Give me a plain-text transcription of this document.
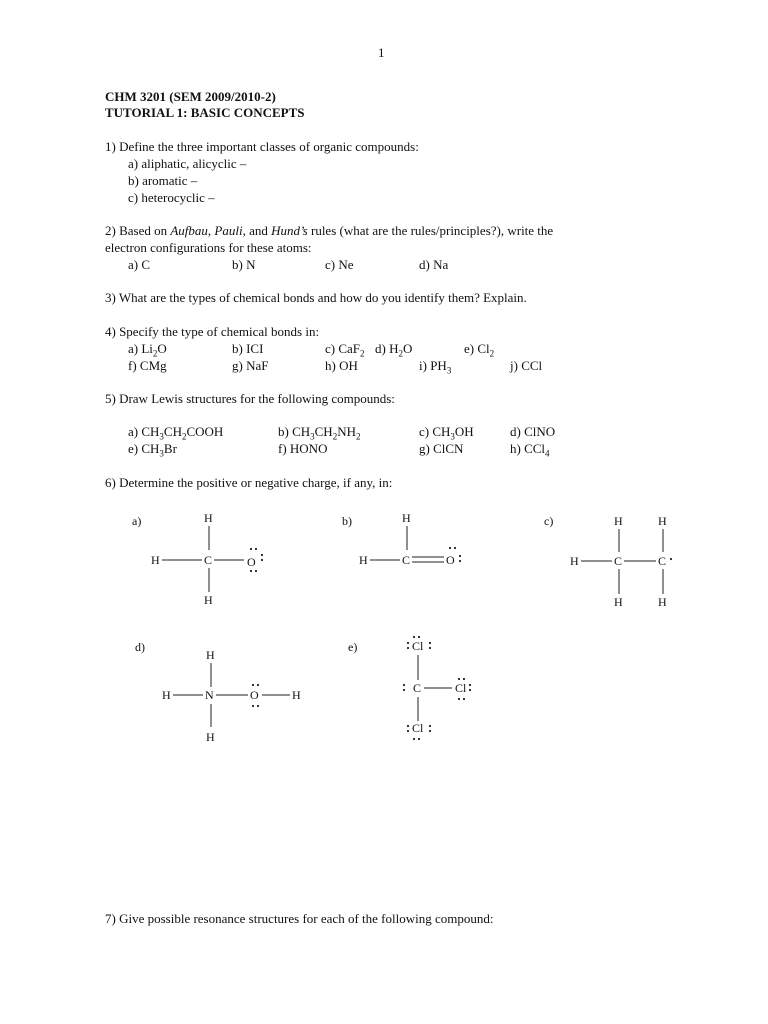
1
CHM 3201 (SEM 2009/2010-2)
TUTORIAL 1: BASIC CONCEPTS
1) Define the three important classes of organic compounds:
a) aliphatic, alicyclic –
b) aromatic –
c) heterocyclic –
2) Based on Aufbau, Pauli, and Hund’s rules (what are the rules/principles?), write the
electron configurations for these atoms:
a) C	b) N	c) Ne	d) Na
3) What are the types of chemical bonds and how do you identify them? Explain.
4) Specify the type of chemical bonds in:
a) $Li_2O$	b) ICI	c) CaF$_2$ d) $H_2O$	e) $Cl_2$
f) CMg	g) NaF	h) OH	i) $PH_3$	j) CCl
5) Draw Lewis structures for the following compounds:
a) $CH_3CH_2COOH$	b) $CH_3CH_2NH_2$	c) $CH_3OH$	d) ClNO
e) $CH_3Br$	f) HONO	g) ClCN	h) CCl$_4$
6) Determine the positive or negative charge, if any, in:
a)	H
H	C	O
H
b)	H
H	C	O
c)	H	H
H	C	C
H	H
d)
H
H	N	O	H
H
e)	Cl
C	Cl
Cl
7) Give possible resonance structures for each of the following compound:
